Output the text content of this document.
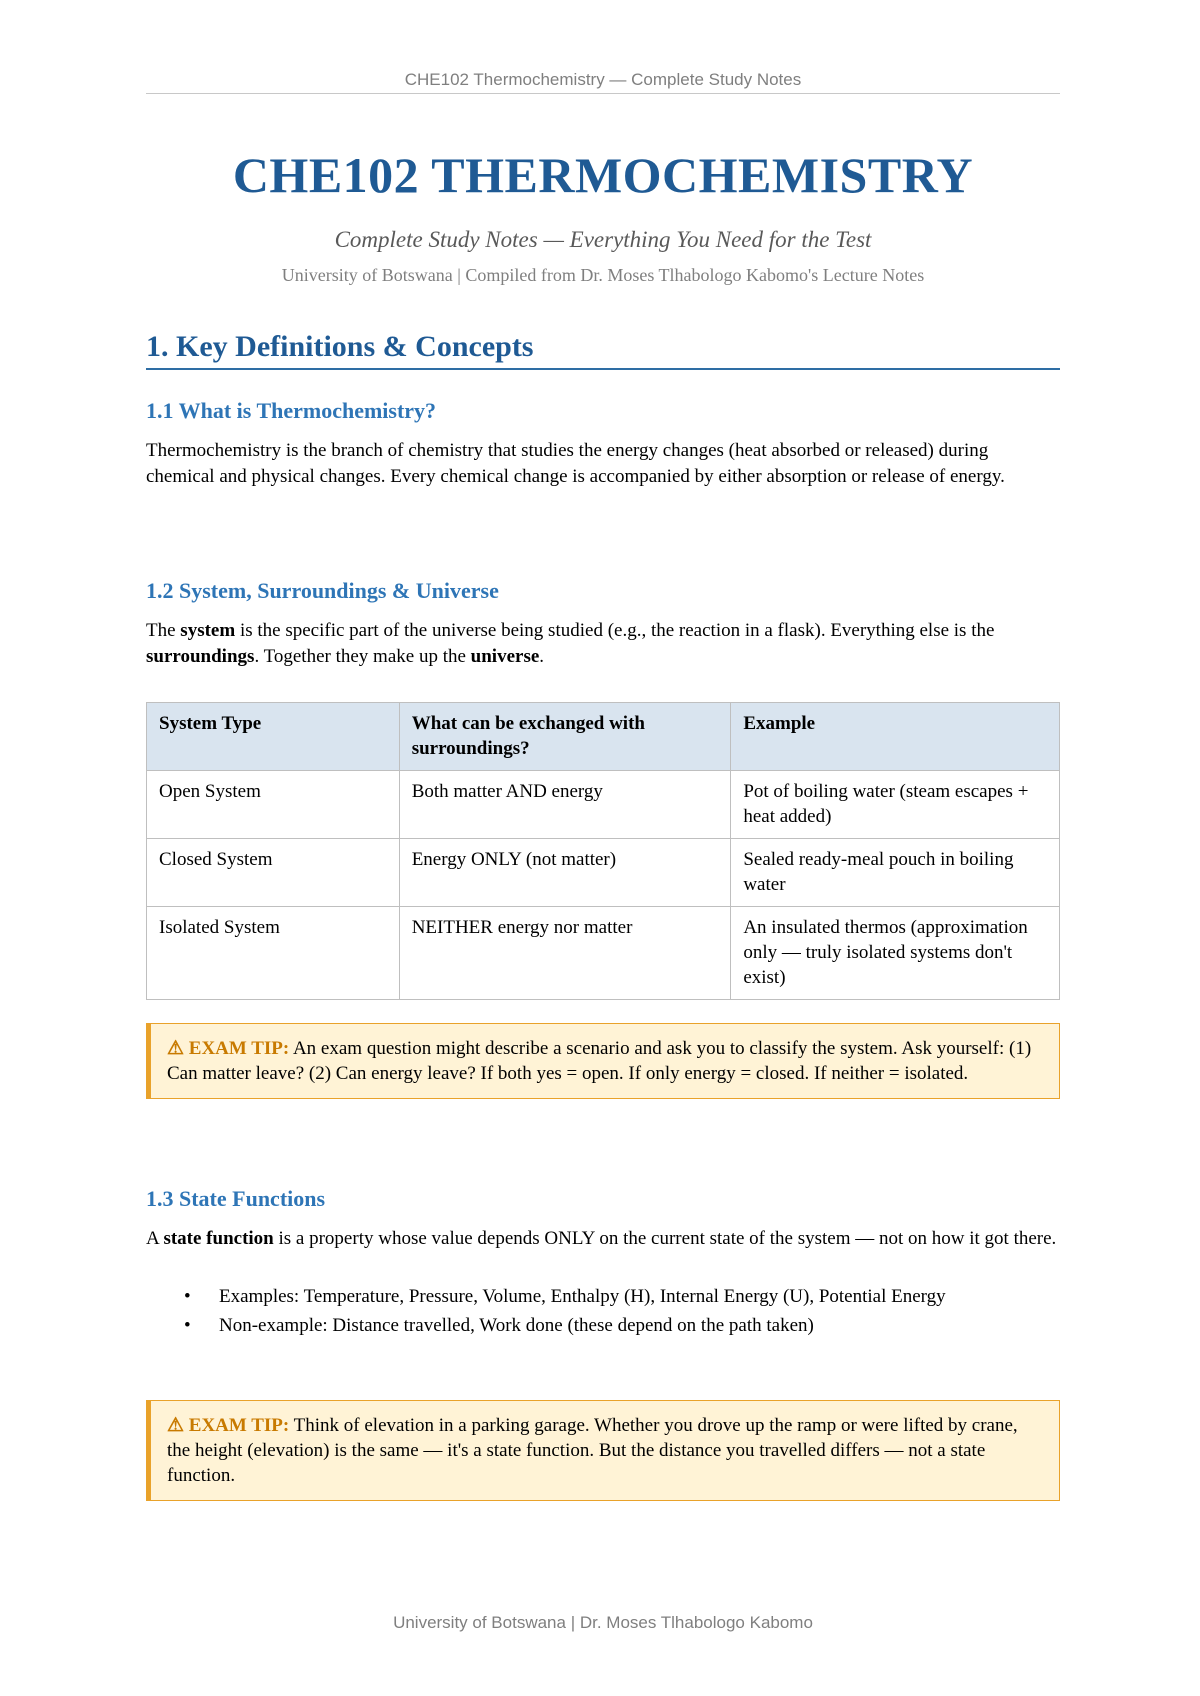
CHE102 Thermochemistry — Complete Study Notes
CHE102 THERMOCHEMISTRY
Complete Study Notes — Everything You Need for the Test
University of Botswana | Compiled from Dr. Moses Tlhabologo Kabomo's Lecture Notes
1. Key Definitions & Concepts
1.1 What is Thermochemistry?
Thermochemistry is the branch of chemistry that studies the energy changes (heat absorbed or released) during chemical and physical changes. Every chemical change is accompanied by either absorption or release of energy.
1.2 System, Surroundings & Universe
The system is the specific part of the universe being studied (e.g., the reaction in a flask). Everything else is the surroundings. Together they make up the universe.
System Type	What can be exchanged with surroundings?	Example
Open System	Both matter AND energy	Pot of boiling water (steam escapes + heat added)
Closed System	Energy ONLY (not matter)	Sealed ready-meal pouch in boiling water
Isolated System	NEITHER energy nor matter	An insulated thermos (approximation only — truly isolated systems don't exist)
⚠ EXAM TIP: An exam question might describe a scenario and ask you to classify the system. Ask yourself: (1) Can matter leave? (2) Can energy leave? If both yes = open. If only energy = closed. If neither = isolated.
1.3 State Functions
A state function is a property whose value depends ONLY on the current state of the system — not on how it got there.
• Examples: Temperature, Pressure, Volume, Enthalpy (H), Internal Energy (U), Potential Energy
• Non-example: Distance travelled, Work done (these depend on the path taken)
⚠ EXAM TIP: Think of elevation in a parking garage. Whether you drove up the ramp or were lifted by crane, the height (elevation) is the same — it's a state function. But the distance you travelled differs — not a state function.
University of Botswana | Dr. Moses Tlhabologo Kabomo
